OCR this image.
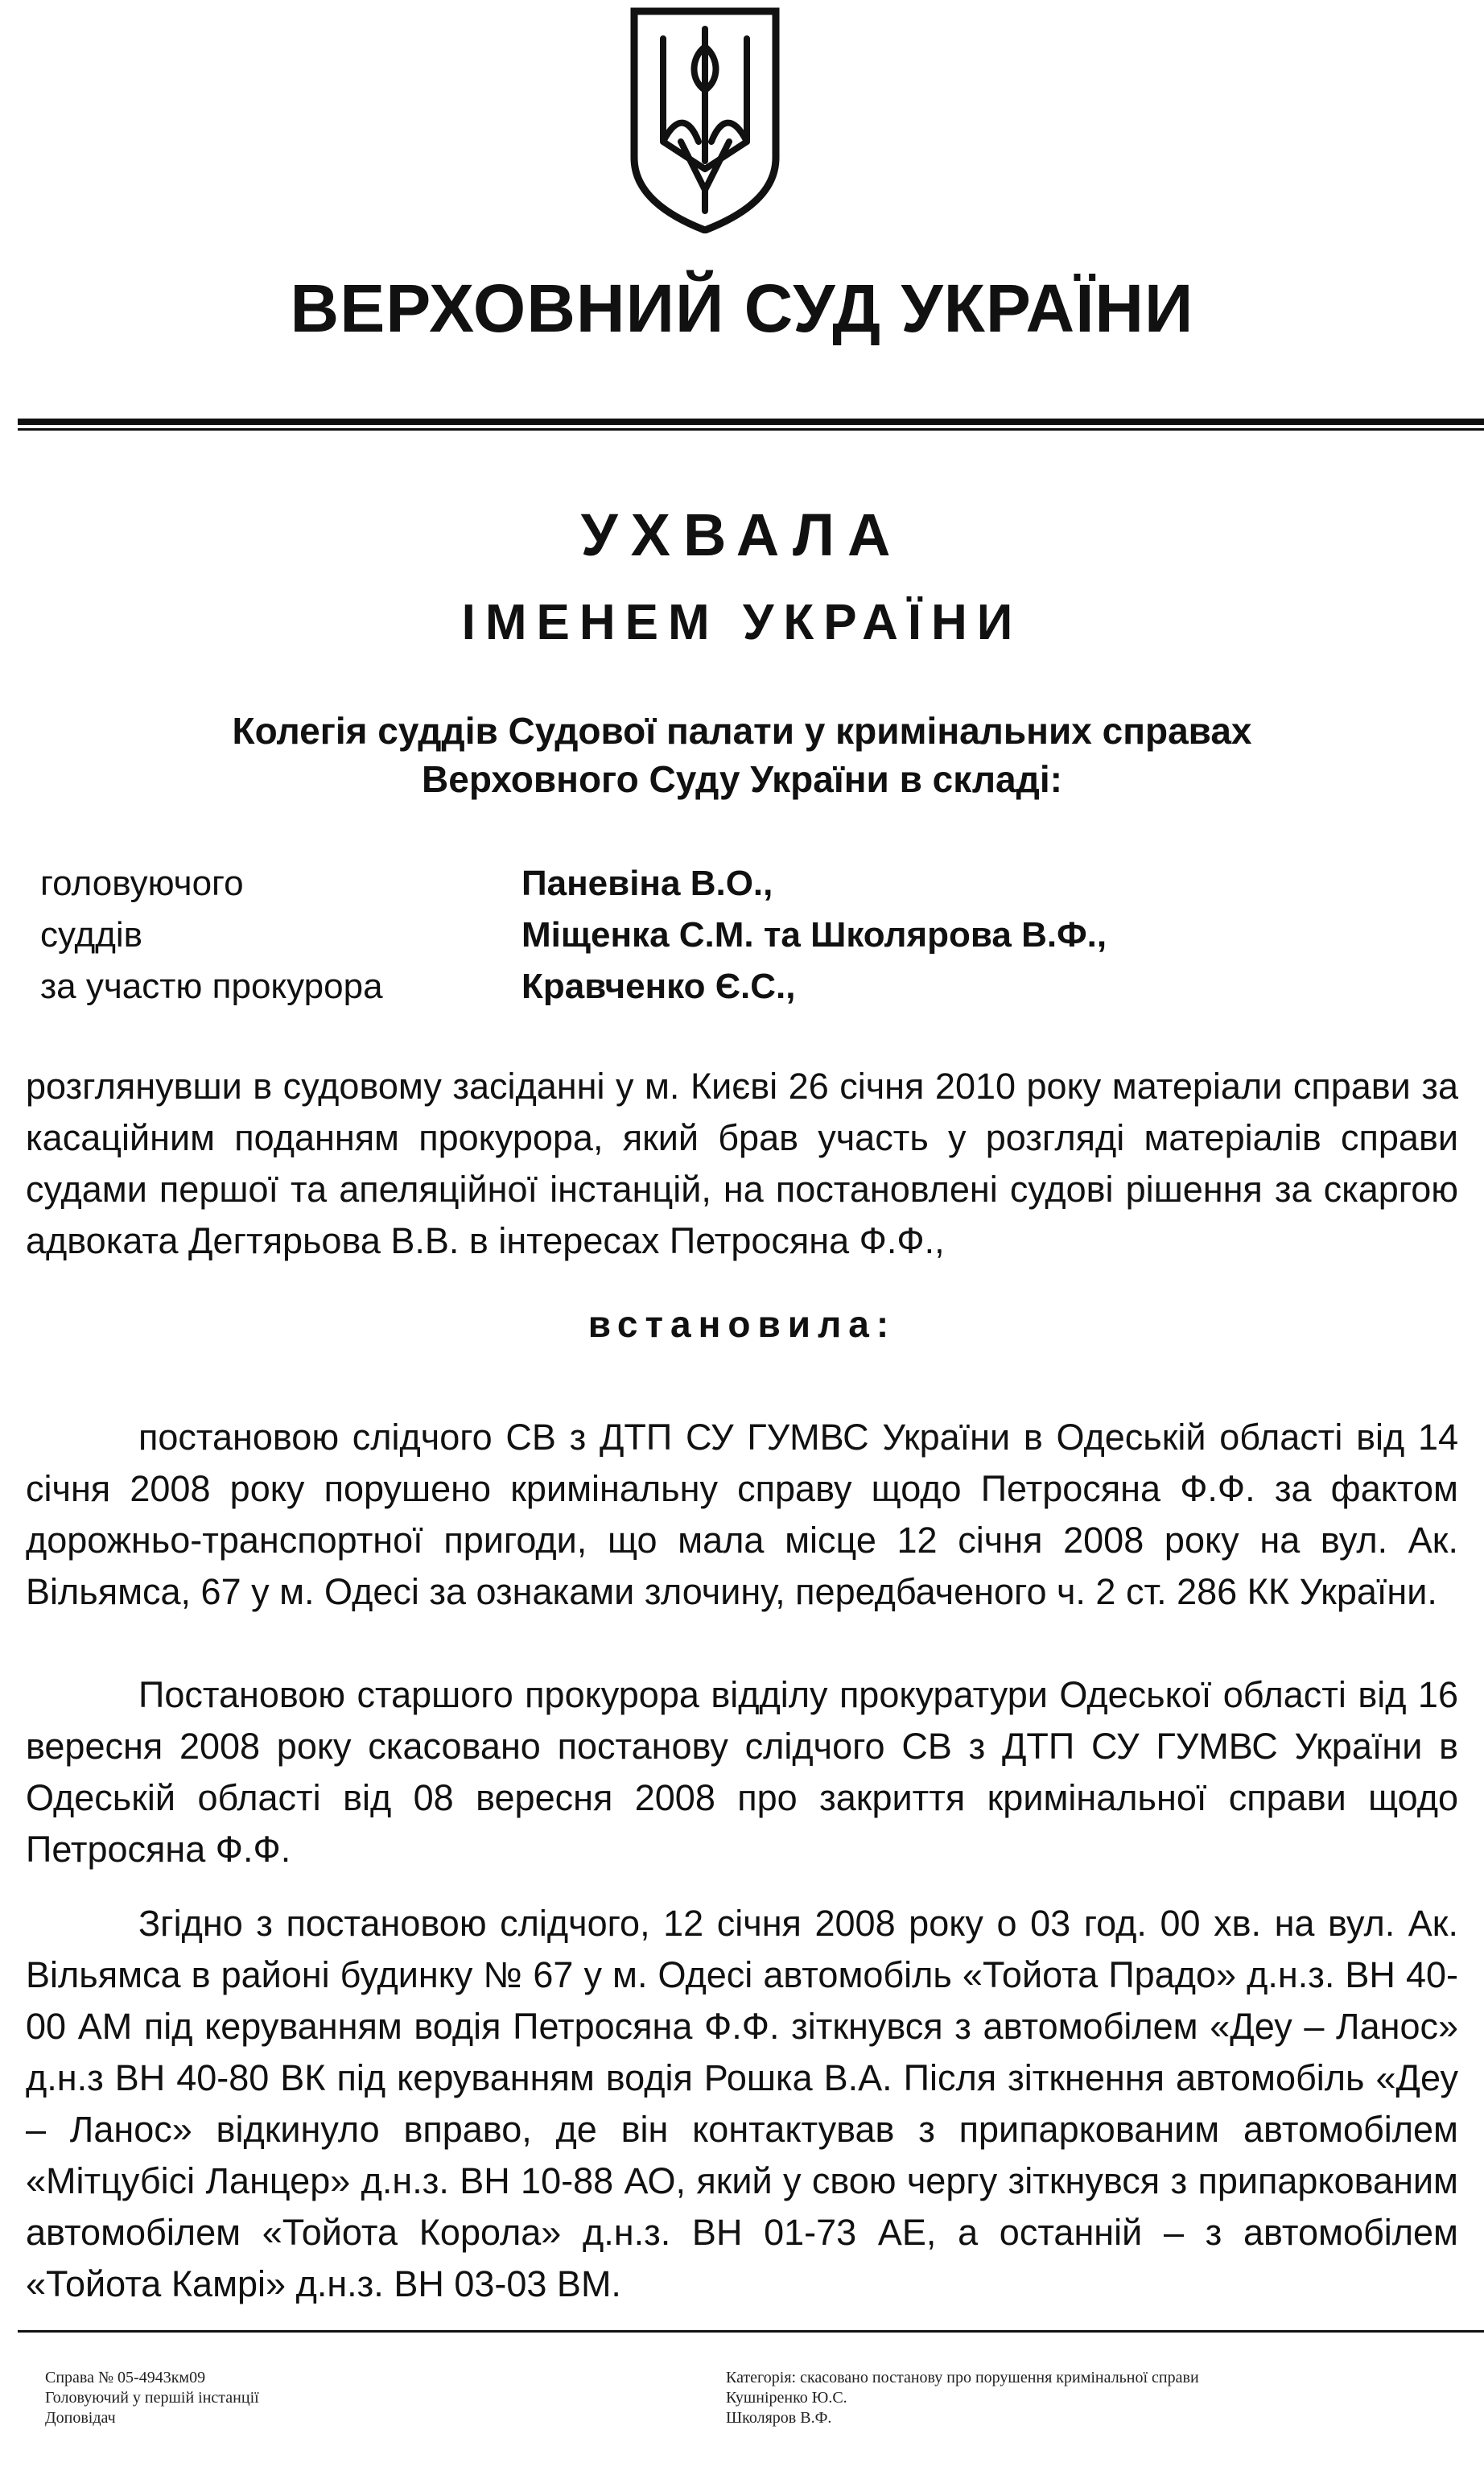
ВЕРХОВНИЙ СУД УКРАЇНИ
УХВАЛА
ІМЕНЕМ УКРАЇНИ
Колегія суддів Судової палати у кримінальних справах
Верховного Суду України в складі:
головуючого	Паневіна В.О.,
суддів	Міщенка С.М. та Школярова В.Ф.,
за участю прокурора	Кравченко Є.С.,
розглянувши в судовому засіданні у м. Києві 26 січня 2010 року матеріали справи за касаційним поданням прокурора, який брав участь у розгляді матеріалів справи судами першої та апеляційної інстанцій, на постановлені судові рішення за скаргою адвоката Дегтярьова В.В. в інтересах Петросяна Ф.Ф.,
встановила:
постановою слідчого СВ з ДТП СУ ГУМВС України в Одеській області від 14 січня 2008 року порушено кримінальну справу щодо Петросяна Ф.Ф. за фактом дорожньо-транспортної пригоди, що мала місце 12 січня 2008 року на вул. Ак. Вільямса, 67 у м. Одесі за ознаками злочину, передбаченого ч. 2 ст. 286 КК України.
Постановою старшого прокурора відділу прокуратури Одеської області від 16 вересня 2008 року скасовано постанову слідчого СВ з ДТП СУ ГУМВС України в Одеській області від 08 вересня 2008 про закриття кримінальної справи щодо Петросяна Ф.Ф.
Згідно з постановою слідчого, 12 січня 2008 року о 03 год. 00 хв. на вул. Ак. Вільямса в районі будинку № 67 у м. Одесі автомобіль «Тойота Прадо» д.н.з. ВН 40-00 АМ під керуванням водія Петросяна Ф.Ф. зіткнувся з автомобілем «Деу – Ланос» д.н.з ВН 40-80 ВК під керуванням водія Рошка В.А. Після зіткнення автомобіль «Деу – Ланос» відкинуло вправо, де він контактував з припаркованим автомобілем «Мітцубісі Ланцер» д.н.з. ВН 10-88 АО, який у свою чергу зіткнувся з припаркованим автомобілем «Тойота Корола» д.н.з. ВН 01-73 АЕ, а останній – з автомобілем «Тойота Камрі» д.н.з. ВН 03-03 ВМ.
Справа № 05-4943км09
Головуючий у першій інстанції
Доповідач
Категорія: скасовано постанову про порушення кримінальної справи
Кушніренко Ю.С.
Школяров В.Ф.
